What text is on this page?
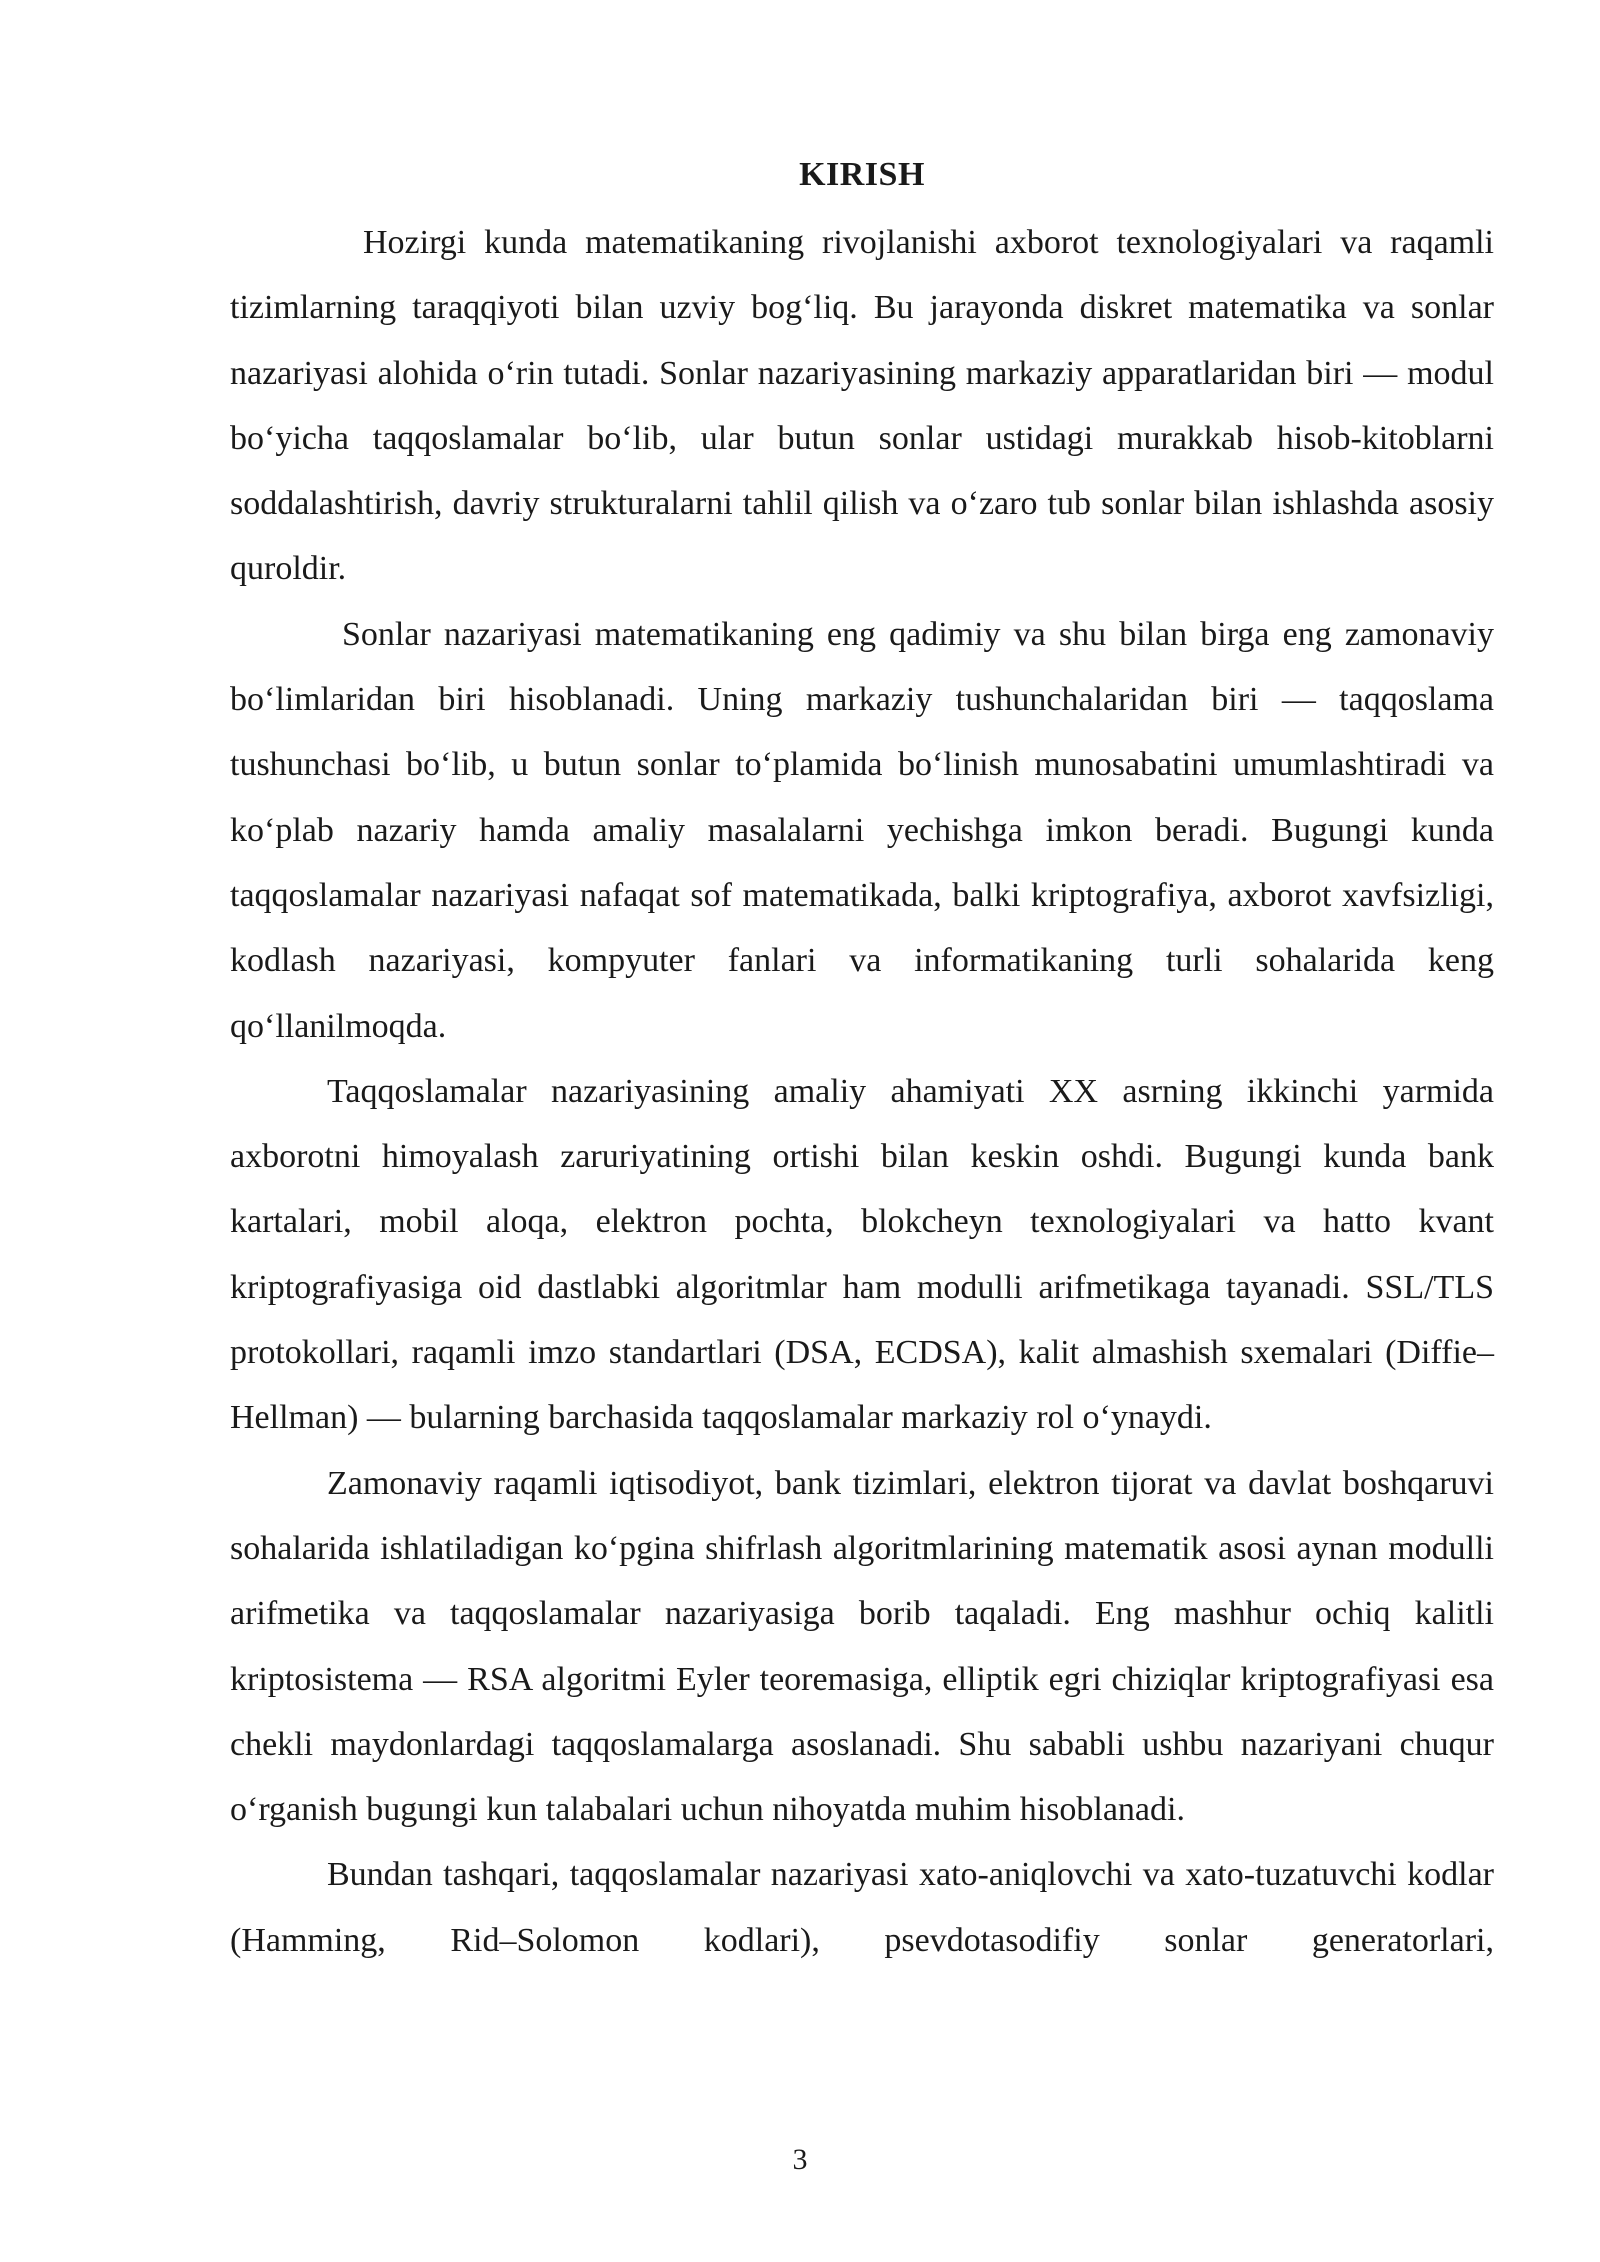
KIRISH

Hozirgi kunda matematikaning rivojlanishi axborot texnologiyalari va raqamli tizimlarning taraqqiyoti bilan uzviy bog‘liq. Bu jarayonda diskret matematika va sonlar nazariyasi alohida o‘rin tutadi. Sonlar nazariyasining markaziy apparatlaridan biri — modul bo‘yicha taqqoslamalar bo‘lib, ular butun sonlar ustidagi murakkab hisob-kitoblarni soddalashtirish, davriy strukturalarni tahlil qilish va o‘zaro tub sonlar bilan ishlashda asosiy quroldir.

Sonlar nazariyasi matematikaning eng qadimiy va shu bilan birga eng zamonaviy bo‘limlaridan biri hisoblanadi. Uning markaziy tushunchalaridan biri — taqqoslama tushunchasi bo‘lib, u butun sonlar to‘plamida bo‘linish munosabatini umumlashtiradi va ko‘plab nazariy hamda amaliy masalalarni yechishga imkon beradi. Bugungi kunda taqqoslamalar nazariyasi nafaqat sof matematikada, balki kriptografiya, axborot xavfsizligi, kodlash nazariyasi, kompyuter fanlari va informatikaning turli sohalarida keng qo‘llanilmoqda.

Taqqoslamalar nazariyasining amaliy ahamiyati XX asrning ikkinchi yarmida axborotni himoyalash zaruriyatining ortishi bilan keskin oshdi. Bugungi kunda bank kartalari, mobil aloqa, elektron pochta, blokcheyn texnologiyalari va hatto kvant kriptografiyasiga oid dastlabki algoritmlar ham modulli arifmetikaga tayanadi. SSL/TLS protokollari, raqamli imzo standartlari (DSA, ECDSA), kalit almashish sxemalari (Diffie–Hellman) — bularning barchasida taqqoslamalar markaziy rol o‘ynaydi.

Zamonaviy raqamli iqtisodiyot, bank tizimlari, elektron tijorat va davlat boshqaruvi sohalarida ishlatiladigan ko‘pgina shifrlash algoritmlarining matematik asosi aynan modulli arifmetika va taqqoslamalar nazariyasiga borib taqaladi. Eng mashhur ochiq kalitli kriptosistema — RSA algoritmi Eyler teoremasiga, elliptik egri chiziqlar kriptografiyasi esa chekli maydonlardagi taqqoslamalarga asoslanadi. Shu sababli ushbu nazariyani chuqur o‘rganish bugungi kun talabalari uchun nihoyatda muhim hisoblanadi.

Bundan tashqari, taqqoslamalar nazariyasi xato-aniqlovchi va xato-tuzatuvchi kodlar (Hamming, Rid–Solomon kodlari), psevdotasodifiy sonlar generatorlari,

3
